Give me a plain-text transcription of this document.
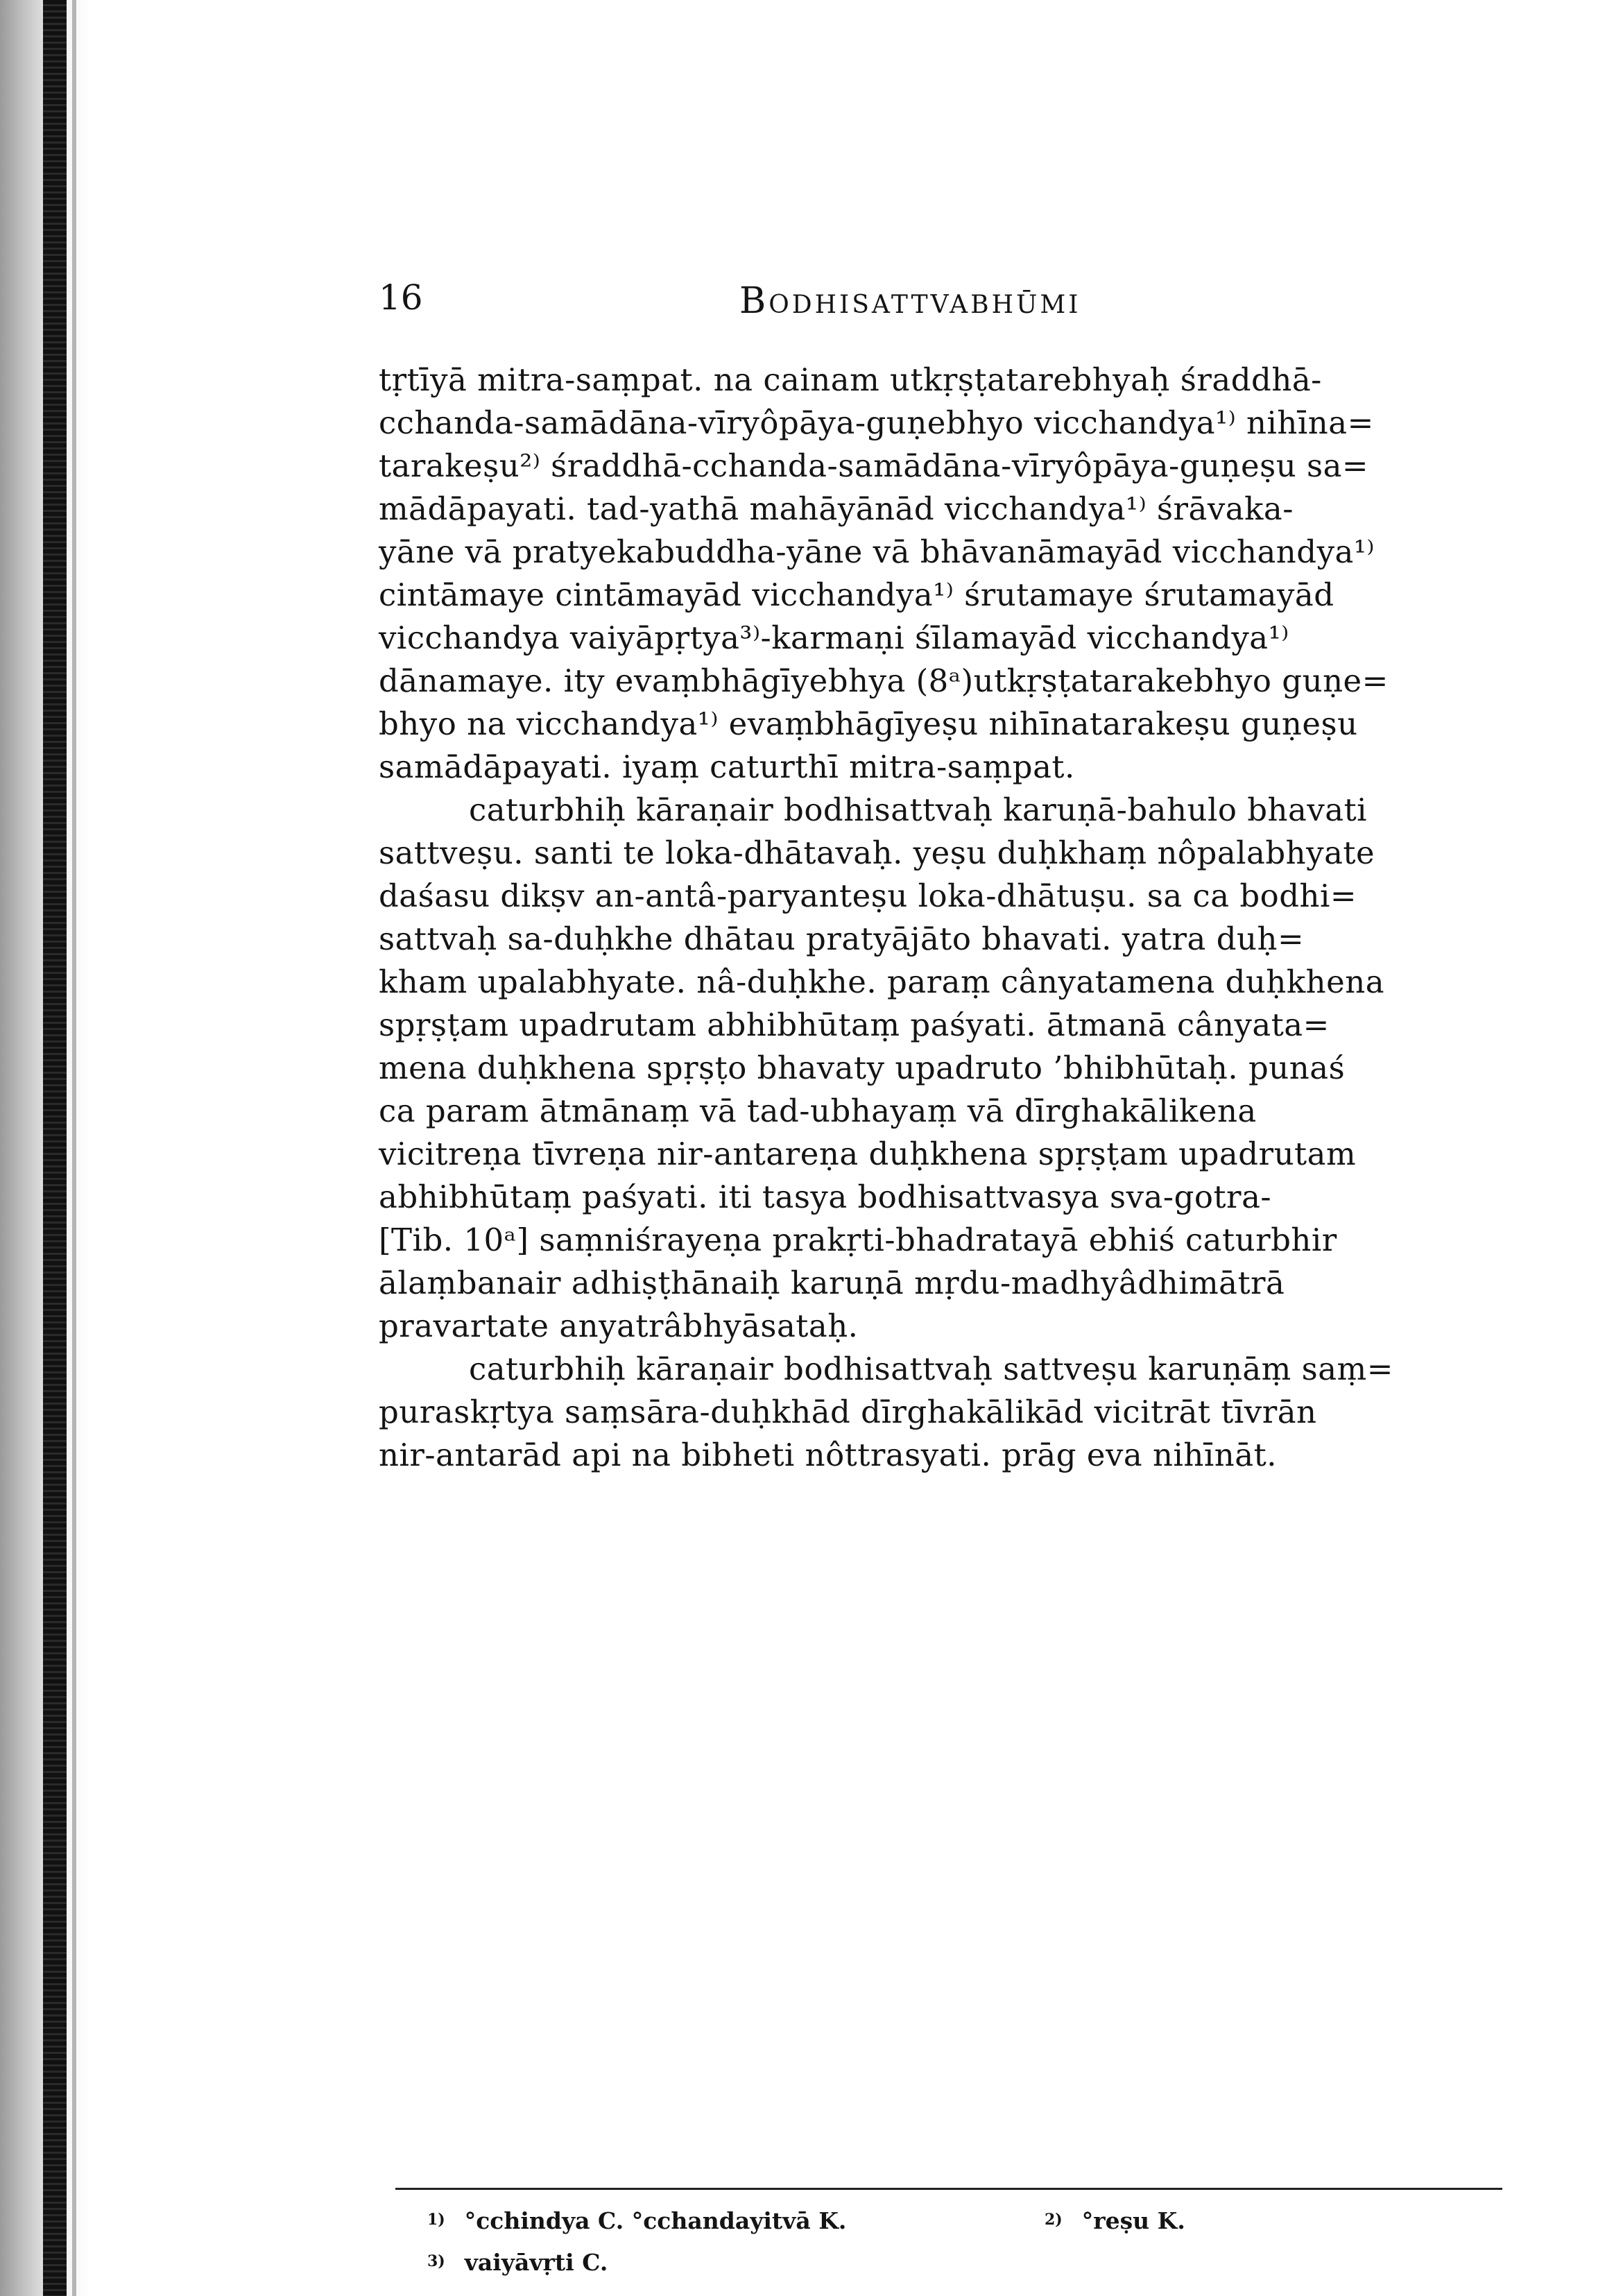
16	Bodhisattvabhūmi
tṛtīyā mitra-saṃpat. na cainam utkṛṣṭatarebhyaḥ śraddhā-
cchanda-samādāna-vīryôpāya-guṇebhyo vicchandya¹⁾ nihīna=
tarakeṣu²⁾ śraddhā-cchanda-samādāna-vīryôpāya-guṇeṣu sa=
mādāpayati. tad-yathā mahāyānād vicchandya¹⁾ śrāvaka-
yāne vā pratyekabuddha-yāne vā bhāvanāmayād vicchandya¹⁾
cintāmaye cintāmayād vicchandya¹⁾ śrutamaye śrutamayād
vicchandya vaiyāpṛtya³⁾-karmaṇi śīlamayād vicchandya¹⁾
dānamaye. ity evaṃbhāgīyebhya (8ᵃ)utkṛṣṭatarakebhyo guṇe=
bhyo na vicchandya¹⁾ evaṃbhāgīyeṣu nihīnatarakeṣu guṇeṣu
samādāpayati. iyaṃ caturthī mitra-saṃpat.
caturbhiḥ kāraṇair bodhisattvaḥ karuṇā-bahulo bhavati
sattveṣu. santi te loka-dhātavaḥ. yeṣu duḥkhaṃ nôpalabhyate
daśasu dikṣv an-antâ-paryanteṣu loka-dhātuṣu. sa ca bodhi=
sattvaḥ sa-duḥkhe dhātau pratyājāto bhavati. yatra duḥ=
kham upalabhyate. nâ-duḥkhe. paraṃ cânyatamena duḥkhena
spṛṣṭam upadrutam abhibhūtaṃ paśyati. ātmanā cânyata=
mena duḥkhena spṛṣṭo bhavaty upadruto ’bhibhūtaḥ. punaś
ca param ātmānaṃ vā tad-ubhayaṃ vā dīrghakālikena
vicitreṇa tīvreṇa nir-antareṇa duḥkhena spṛṣṭam upadrutam
abhibhūtaṃ paśyati. iti tasya bodhisattvasya sva-gotra-
[Tib. 10ᵃ] saṃniśrayeṇa prakṛti-bhadratayā ebhiś caturbhir
ālaṃbanair adhiṣṭhānaiḥ karuṇā mṛdu-madhyâdhimātrā
pravartate anyatrâbhyāsataḥ.
caturbhiḥ kāraṇair bodhisattvaḥ sattveṣu karuṇāṃ saṃ=
puraskṛtya saṃsāra-duḥkhād dīrghakālikād vicitrāt tīvrān
nir-antarād api na bibheti nôttrasyati. prāg eva nihīnāt.
1) °cchindya C. °cchandayitvā K.	2) °reṣu K.
3) vaiyāvṛti C.
